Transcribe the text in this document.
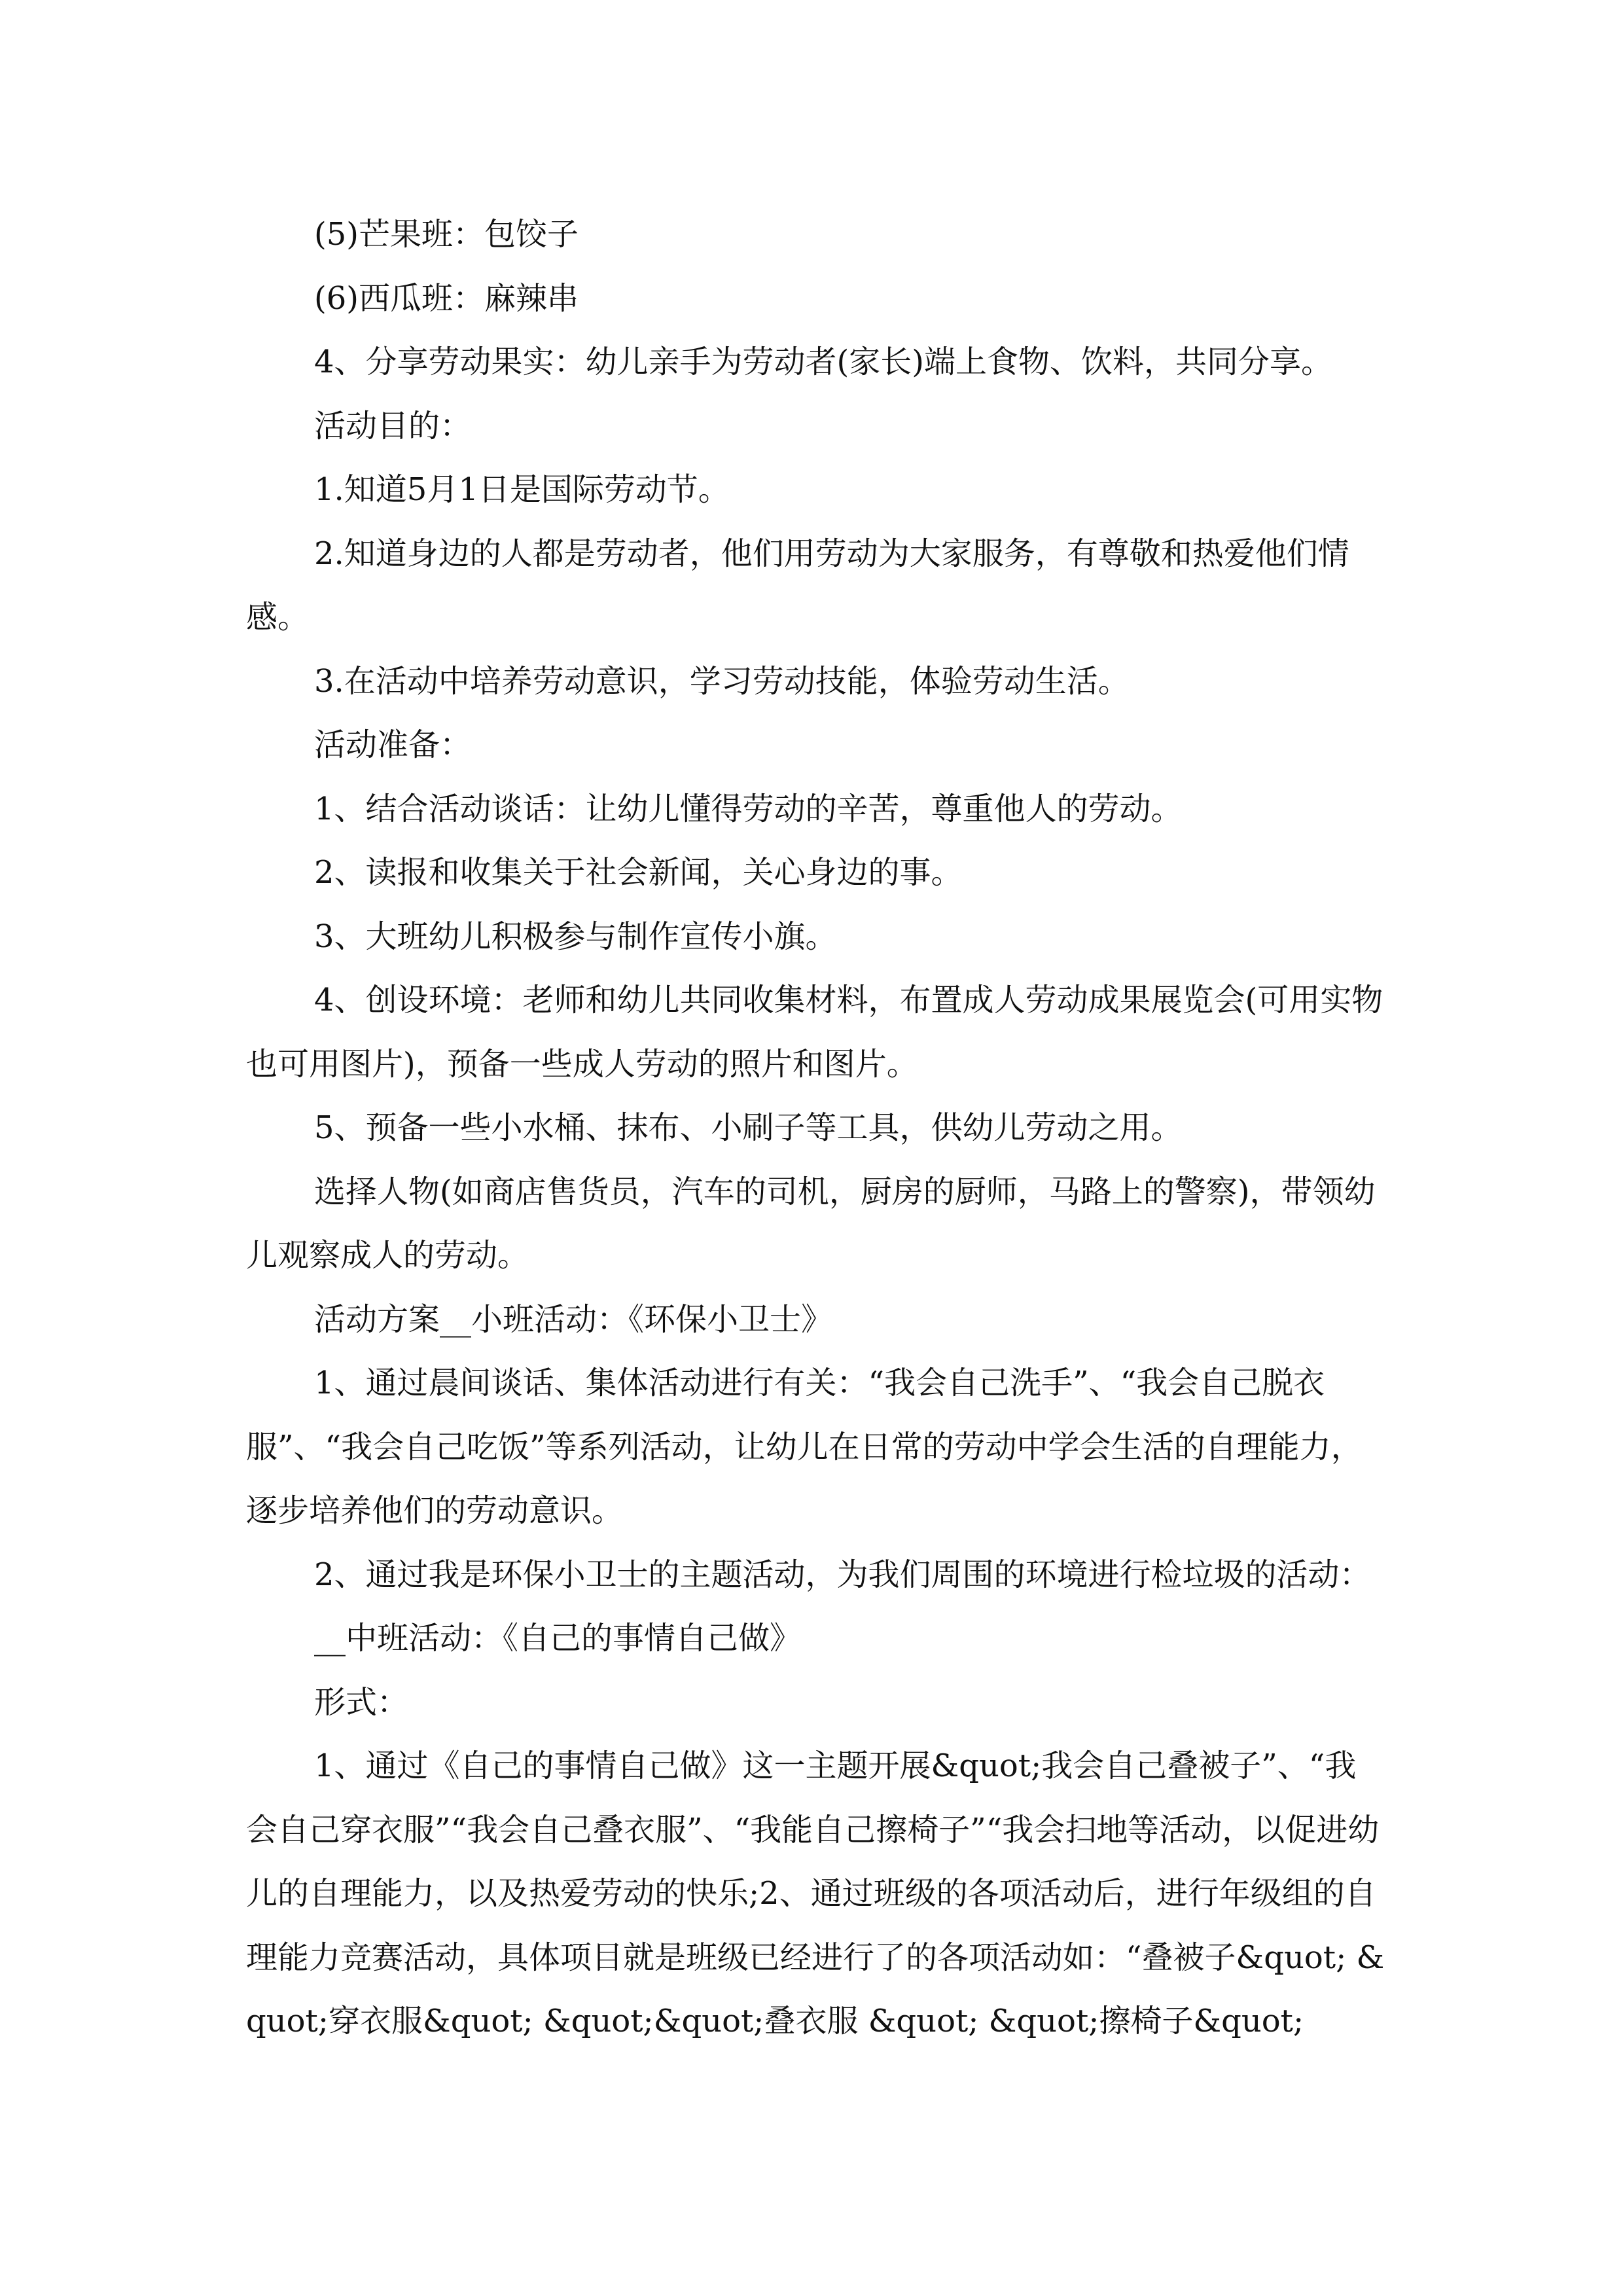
(5)芒果班：包饺子

(6)西瓜班：麻辣串

4、分享劳动果实：幼儿亲手为劳动者(家长)端上食物、饮料，共同分享。

活动目的：

1.知道5月1日是国际劳动节。

2.知道身边的人都是劳动者，他们用劳动为大家服务，有尊敬和热爱他们情感。

3.在活动中培养劳动意识，学习劳动技能，体验劳动生活。

活动准备：

1、结合活动谈话：让幼儿懂得劳动的辛苦，尊重他人的劳动。

2、读报和收集关于社会新闻，关心身边的事。

3、大班幼儿积极参与制作宣传小旗。

4、创设环境：老师和幼儿共同收集材料，布置成人劳动成果展览会(可用实物也可用图片)，预备一些成人劳动的照片和图片。

5、预备一些小水桶、抹布、小刷子等工具，供幼儿劳动之用。

选择人物(如商店售货员，汽车的司机，厨房的厨师，马路上的警察)，带领幼儿观察成人的劳动。

活动方案__小班活动：《环保小卫士》

1、通过晨间谈话、集体活动进行有关：“我会自己洗手”、“我会自己脱衣服”、“我会自己吃饭”等系列活动，让幼儿在日常的劳动中学会生活的自理能力，逐步培养他们的劳动意识。

2、通过我是环保小卫士的主题活动，为我们周围的环境进行检垃圾的活动：

__中班活动：《自己的事情自己做》

形式：

1、通过《自己的事情自己做》这一主题开展&quot;我会自己叠被子”、“我会自己穿衣服”“我会自己叠衣服”、“我能自己擦椅子”“我会扫地等活动，以促进幼儿的自理能力，以及热爱劳动的快乐;2、通过班级的各项活动后，进行年级组的自理能力竞赛活动，具体项目就是班级已经进行了的各项活动如：“叠被子&quot; &quot;穿衣服&quot; &quot;&quot;叠衣服 &quot; &quot;擦椅子&quot;
